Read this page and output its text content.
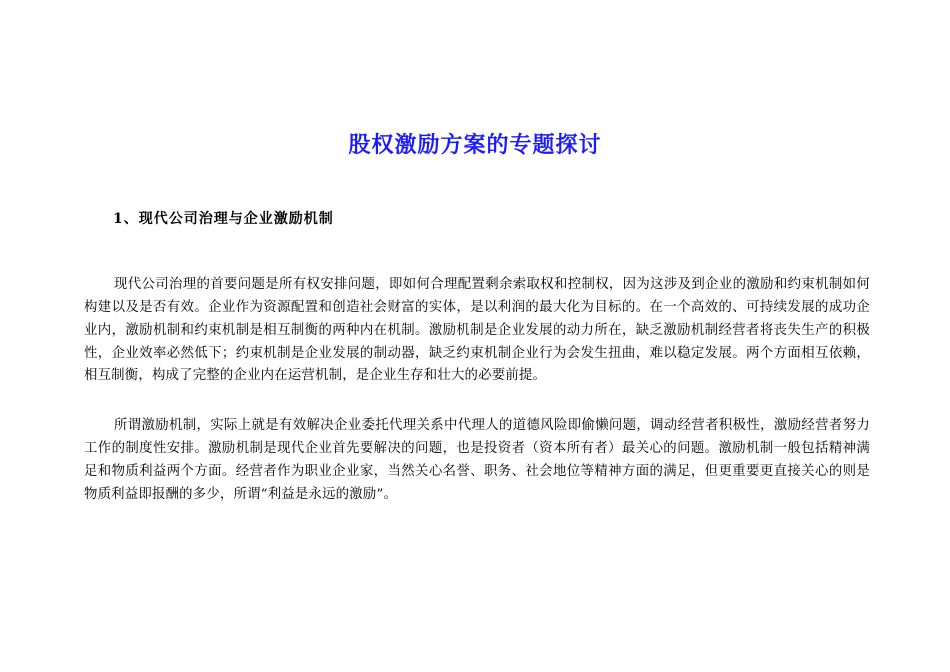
股权激励方案的专题探讨
1、现代公司治理与企业激励机制

现代公司治理的首要问题是所有权安排问题，即如何合理配置剩余索取权和控制权，因为这涉及到企业的激励和约束机制如何构建以及是否有效。企业作为资源配置和创造社会财富的实体，是以利润的最大化为目标的。在一个高效的、可持续发展的成功企业内，激励机制和约束机制是相互制衡的两种内在机制。激励机制是企业发展的动力所在，缺乏激励机制经营者将丧失生产的积极性，企业效率必然低下；约束机制是企业发展的制动器，缺乏约束机制企业行为会发生扭曲，难以稳定发展。两个方面相互依赖，相互制衡，构成了完整的企业内在运营机制，是企业生存和壮大的必要前提。

所谓激励机制，实际上就是有效解决企业委托代理关系中代理人的道德风险即偷懒问题，调动经营者积极性，激励经营者努力工作的制度性安排。激励机制是现代企业首先要解决的问题，也是投资者（资本所有者）最关心的问题。激励机制一般包括精神满足和物质利益两个方面。经营者作为职业企业家，当然关心名誉、职务、社会地位等精神方面的满足，但更重要更直接关心的则是物质利益即报酬的多少，所谓“利益是永远的激励”。
